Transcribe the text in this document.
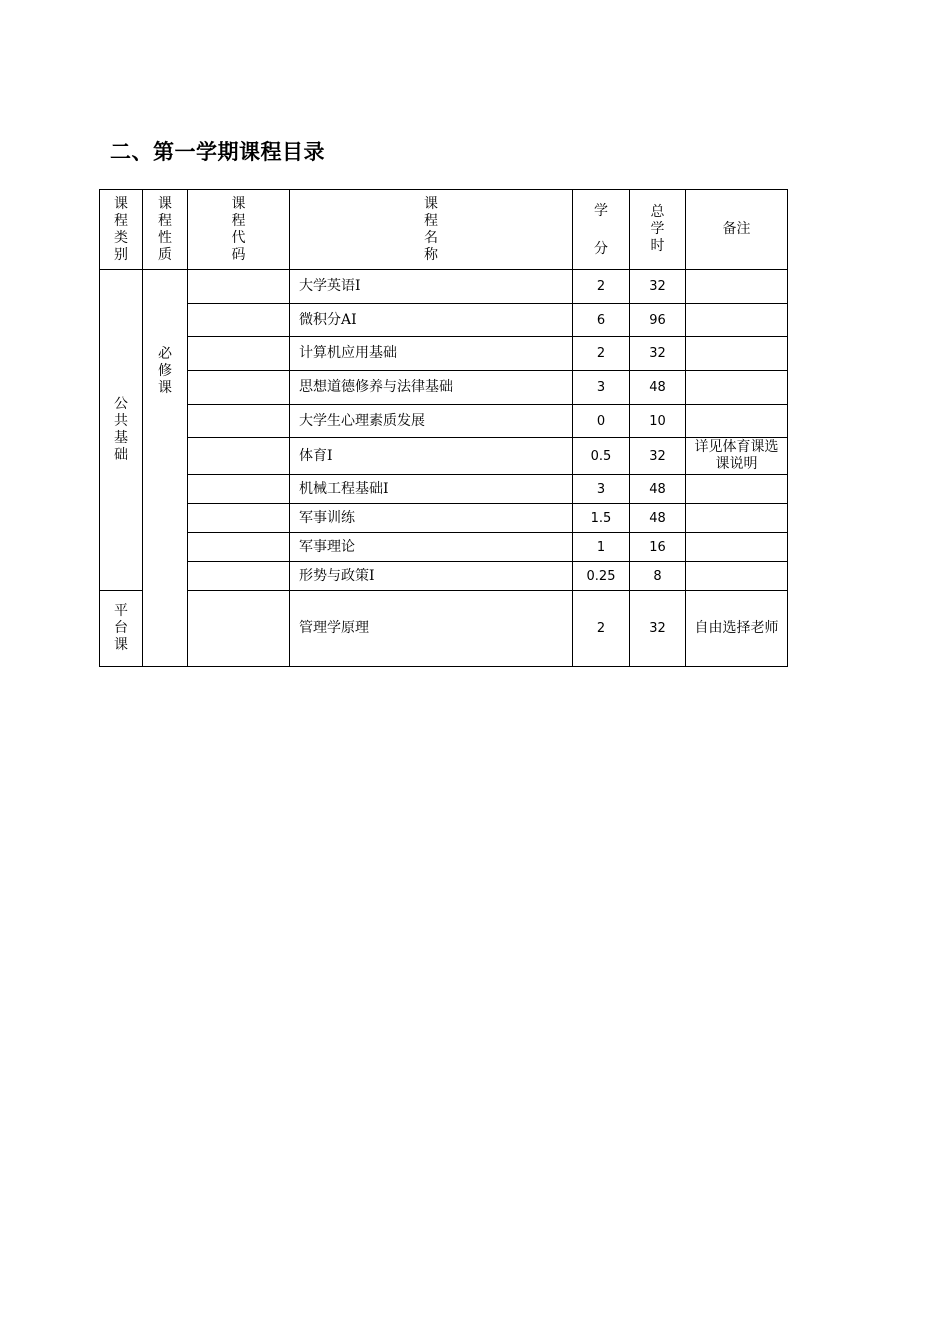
二、第一学期课程目录
课程类别	课程性质	课程代码	课程名称	学分	总学时	备注
公共基础	必修课		大学英语Ⅰ	2	32	
			微积分AⅠ	6	96	
			计算机应用基础	2	32	
			思想道德修养与法律基础	3	48	
			大学生心理素质发展	0	10	
			体育Ⅰ	0.5	32	详见体育课选课说明
			机械工程基础Ⅰ	3	48	
			军事训练	1.5	48	
			军事理论	1	16	
			形势与政策I	0.25	8	
平台课			管理学原理	2	32	自由选择老师
